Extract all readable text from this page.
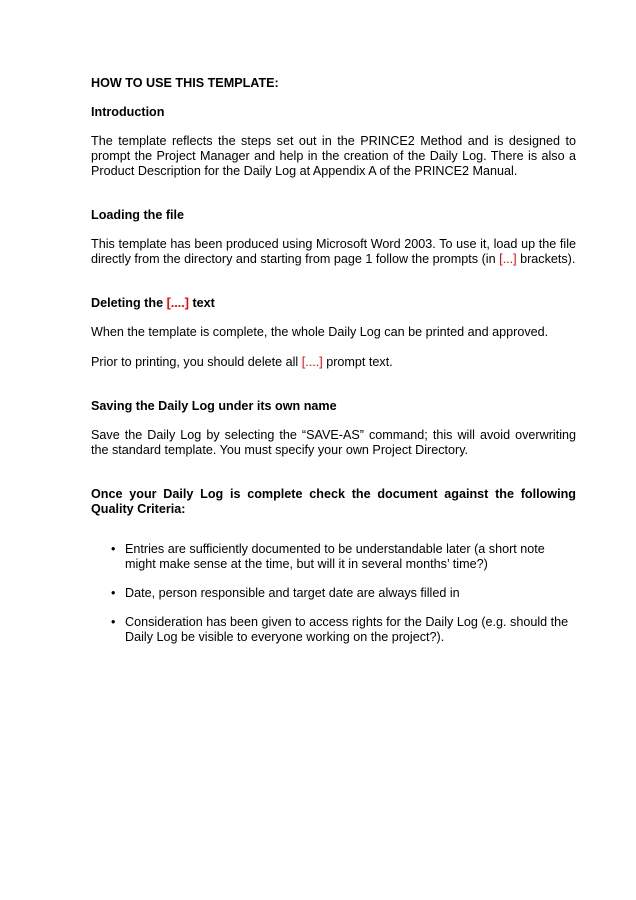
HOW TO USE THIS TEMPLATE:

Introduction

The template reflects the steps set out in the PRINCE2 Method and is designed to prompt the Project Manager and help in the creation of the Daily Log. There is also a Product Description for the Daily Log at Appendix A of the PRINCE2 Manual.

Loading the file

This template has been produced using Microsoft Word 2003. To use it, load up the file directly from the directory and starting from page 1 follow the prompts (in [...] brackets).

Deleting the [....] text

When the template is complete, the whole Daily Log can be printed and approved.

Prior to printing, you should delete all [....] prompt text.

Saving the Daily Log under its own name

Save the Daily Log by selecting the “SAVE-AS” command; this will avoid overwriting the standard template. You must specify your own Project Directory.

Once your Daily Log is complete check the document against the following Quality Criteria:

• Entries are sufficiently documented to be understandable later (a short note might make sense at the time, but will it in several months’ time?)
• Date, person responsible and target date are always filled in
• Consideration has been given to access rights for the Daily Log (e.g. should the Daily Log be visible to everyone working on the project?).
